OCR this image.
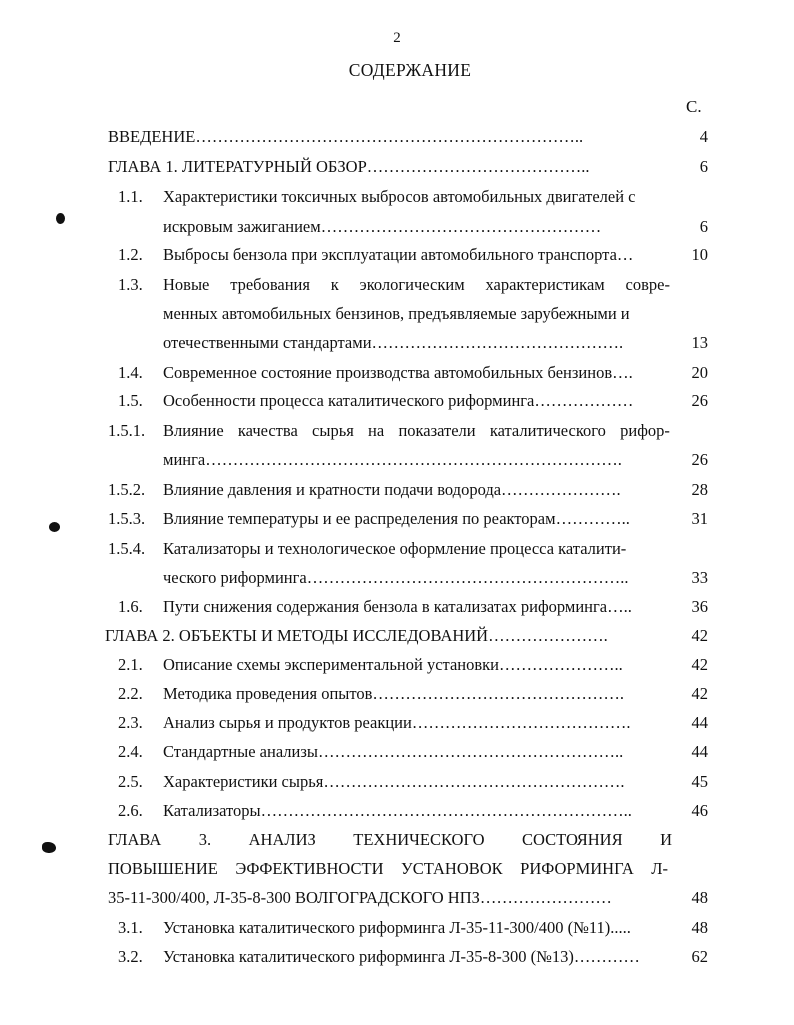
2
СОДЕРЖАНИЕ
С.
ВВЕДЕНИЕ……………………………………………………………..	4
ГЛАВА 1. ЛИТЕРАТУРНЫЙ ОБЗОР…………………………………..	6
1.1. Характеристики токсичных выбросов автомобильных двигателей с
искровым зажиганием……………………………………………	6
1.2. Выбросы бензола при эксплуатации автомобильного транспорта…	10
1.3. Новые требования к экологическим характеристикам совре-
менных автомобильных бензинов, предъявляемые зарубежными и
отечественными стандартами……………………………………….	13
1.4. Современное состояние производства автомобильных бензинов….	20
1.5. Особенности процесса каталитического риформинга………………	26
1.5.1. Влияние качества сырья на показатели каталитического рифор-
минга………………………………………………………………….	26
1.5.2. Влияние давления и кратности подачи водорода………………….	28
1.5.3. Влияние температуры и ее распределения по реакторам…………..	31
1.5.4. Катализаторы и технологическое оформление процесса каталити-
ческого риформинга…………………………………………………..	33
1.6. Пути снижения содержания бензола в катализатах риформинга…..	36
ГЛАВА 2. ОБЪЕКТЫ И МЕТОДЫ ИССЛЕДОВАНИЙ………………….	42
2.1. Описание схемы экспериментальной установки…………………..	42
2.2. Методика проведения опытов……………………………………….	42
2.3. Анализ сырья и продуктов реакции………………………………….	44
2.4. Стандартные анализы………………………………………………..	44
2.5. Характеристики сырья……………………………………………….	45
2.6. Катализаторы…………………………………………………………..	46
ГЛАВА 3. АНАЛИЗ ТЕХНИЧЕСКОГО СОСТОЯНИЯ И
ПОВЫШЕНИЕ ЭФФЕКТИВНОСТИ УСТАНОВОК РИФОРМИНГА Л-
35-11-300/400, Л-35-8-300 ВОЛГОГРАДСКОГО НПЗ……………………	48
3.1. Установка каталитического риформинга Л-35-11-300/400 (№11).....	48
3.2. Установка каталитического риформинга Л-35-8-300 (№13)…………	62
